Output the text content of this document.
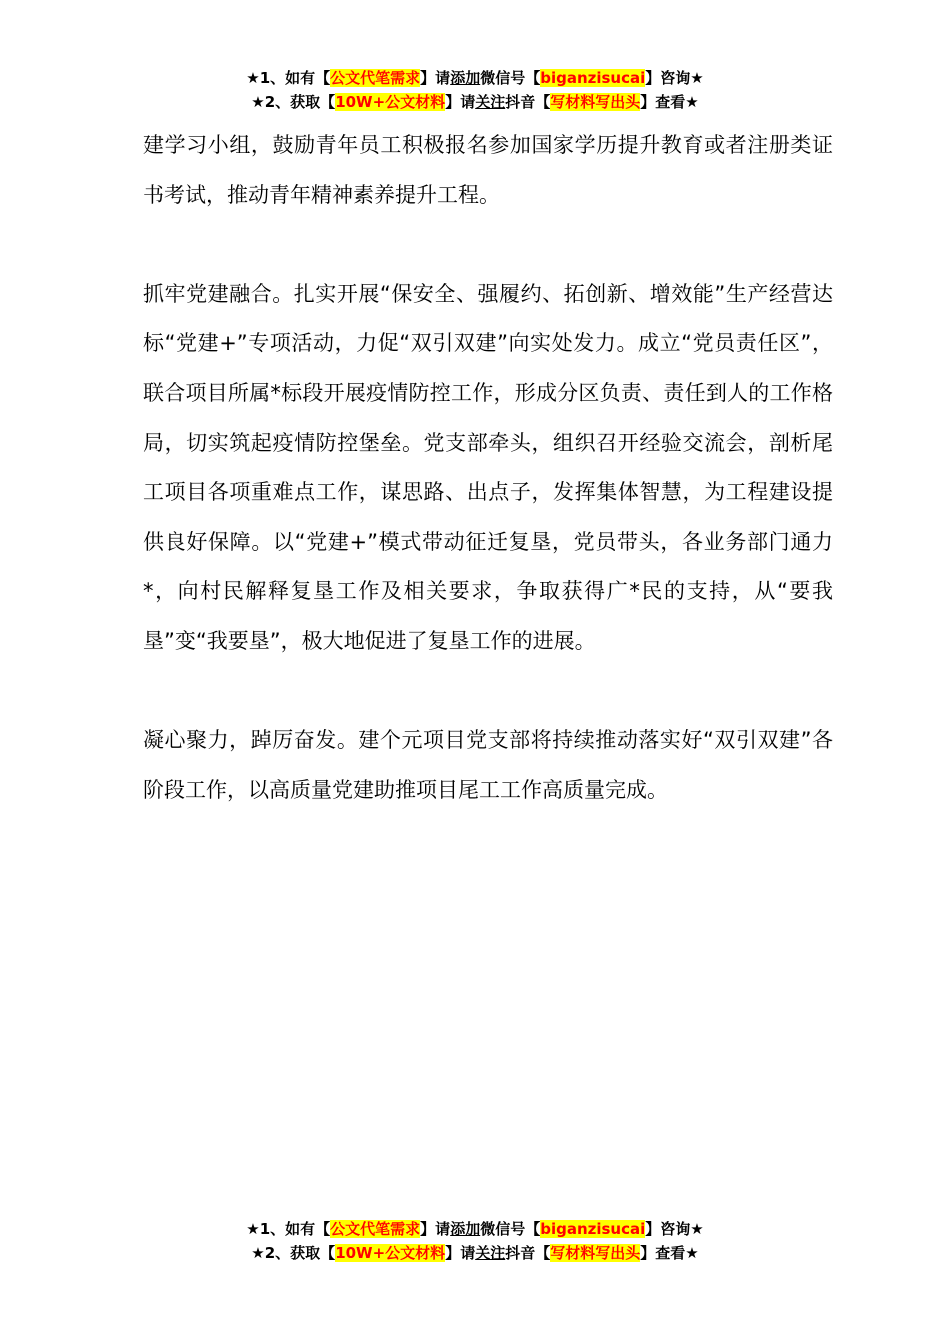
★1、如有【公文代笔需求】请添加微信号【biganzisucai】咨询★
★2、获取【10W+公文材料】请关注抖音【写材料写出头】查看★

建学习小组，鼓励青年员工积极报名参加国家学历提升教育或者注册类证书考试，推动青年精神素养提升工程。

抓牢党建融合。扎实开展“保安全、强履约、拓创新、增效能”生产经营达标“党建+”专项活动，力促“双引双建”向实处发力。成立“党员责任区”，联合项目所属*标段开展疫情防控工作，形成分区负责、责任到人的工作格局，切实筑起疫情防控堡垒。党支部牵头，组织召开经验交流会，剖析尾工项目各项重难点工作，谋思路、出点子，发挥集体智慧，为工程建设提供良好保障。以“党建+”模式带动征迁复垦，党员带头，各业务部门通力*，向村民解释复垦工作及相关要求，争取获得广*民的支持，从“要我垦”变“我要垦”，极大地促进了复垦工作的进展。

凝心聚力，踔厉奋发。建个元项目党支部将持续推动落实好“双引双建”各阶段工作，以高质量党建助推项目尾工工作高质量完成。

★1、如有【公文代笔需求】请添加微信号【biganzisucai】咨询★
★2、获取【10W+公文材料】请关注抖音【写材料写出头】查看★
